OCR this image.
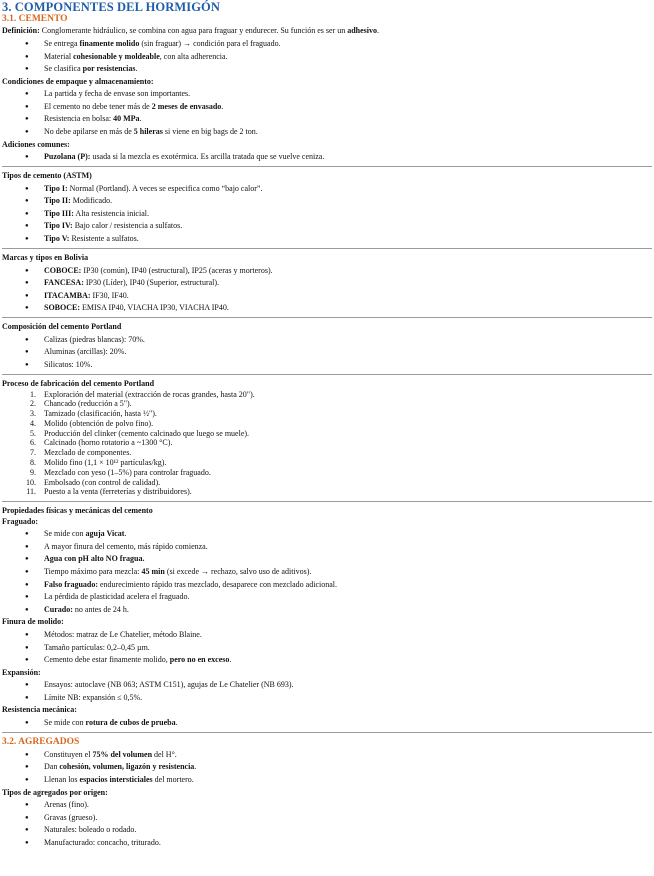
3. COMPONENTES DEL HORMIGÓN
3.1. CEMENTO

Definición: Conglomerante hidráulico, se combina con agua para fraguar y endurecer. Su función es ser un adhesivo.

● Se entrega finamente molido (sin fraguar) → condición para el fraguado.
● Material cohesionable y moldeable, con alta adherencia.
● Se clasifica por resistencias.

Condiciones de empaque y almacenamiento:

● La partida y fecha de envase son importantes.
● El cemento no debe tener más de 2 meses de envasado.
● Resistencia en bolsa: 40 MPa.
● No debe apilarse en más de 5 hileras si viene en big bags de 2 ton.

Adiciones comunes:

● Puzolana (P): usada si la mezcla es exotérmica. Es arcilla tratada que se vuelve ceniza.

Tipos de cemento (ASTM)

● Tipo I: Normal (Portland). A veces se especifica como “bajo calor”.
● Tipo II: Modificado.
● Tipo III: Alta resistencia inicial.
● Tipo IV: Bajo calor / resistencia a sulfatos.
● Tipo V: Resistente a sulfatos.

Marcas y tipos en Bolivia

● COBOCE: IP30 (común), IP40 (estructural), IP25 (aceras y morteros).
● FANCESA: IP30 (Líder), IP40 (Superior, estructural).
● ITACAMBA: IF30, IF40.
● SOBOCE: EMISA IP40, VIACHA IP30, VIACHA IP40.

Composición del cemento Portland

● Calizas (piedras blancas): 70%.
● Aluminas (arcillas): 20%.
● Silicatos: 10%.

Proceso de fabricación del cemento Portland

1. Exploración del material (extracción de rocas grandes, hasta 20").
2. Chancado (reducción a 5").
3. Tamizado (clasificación, hasta ½").
4. Molido (obtención de polvo fino).
5. Producción del clinker (cemento calcinado que luego se muele).
6. Calcinado (horno rotatorio a ~1300 °C).
7. Mezclado de componentes.
8. Molido fino (1,1 × 10¹² partículas/kg).
9. Mezclado con yeso (1–5%) para controlar fraguado.
10. Embolsado (con control de calidad).
11. Puesto a la venta (ferreterías y distribuidores).

Propiedades físicas y mecánicas del cemento

Fraguado:

● Se mide con aguja Vicat.
● A mayor finura del cemento, más rápido comienza.
● Agua con pH alto NO fragua.
● Tiempo máximo para mezcla: 45 min (si excede → rechazo, salvo uso de aditivos).
● Falso fraguado: endurecimiento rápido tras mezclado, desaparece con mezclado adicional.
● La pérdida de plasticidad acelera el fraguado.
● Curado: no antes de 24 h.

Finura de molido:

● Métodos: matraz de Le Chatelier, método Blaine.
● Tamaño partículas: 0,2–0,45 µm.
● Cemento debe estar finamente molido, pero no en exceso.

Expansión:

● Ensayos: autoclave (NB 063; ASTM C151), agujas de Le Chatelier (NB 693).
● Límite NB: expansión ≤ 0,5%.

Resistencia mecánica:

● Se mide con rotura de cubos de prueba.
3.2. AGREGADOS
● Constituyen el 75% del volumen del H°.
● Dan cohesión, volumen, ligazón y resistencia.
● Llenan los espacios intersticiales del mortero.

Tipos de agregados por origen:

● Arenas (fino).
● Gravas (grueso).
● Naturales: boleado o rodado.
● Manufacturado: concacho, triturado.
